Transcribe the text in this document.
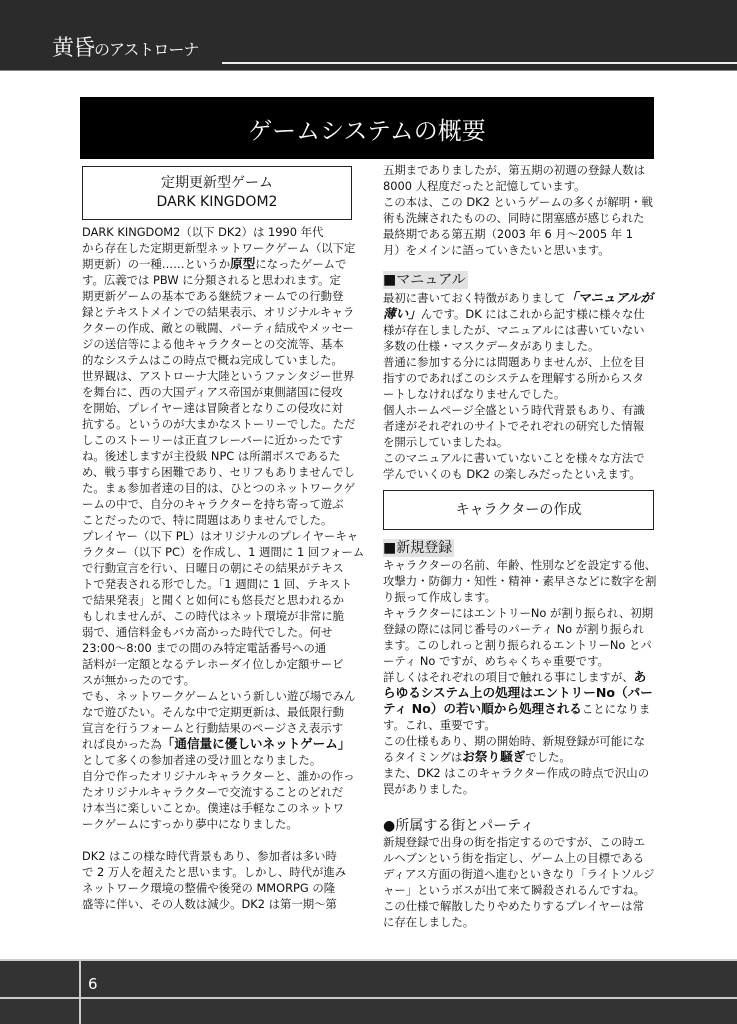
黄昏のアストローナ
ゲームシステムの概要
定期更新型ゲーム
DARK KINGDOM2
DARK KINGDOM2（以下 DK2）は 1990 年代
から存在した定期更新型ネットワークゲーム（以下定
期更新）の一種……というか原型になったゲームで
す。広義では PBW に分類されると思われます。定
期更新ゲームの基本である継続フォームでの行動登
録とテキストメインでの結果表示、オリジナルキャラ
クターの作成、敵との戦闘、パーティ結成やメッセー
ジの送信等による他キャラクターとの交流等、基本
的なシステムはこの時点で概ね完成していました。
世界観は、アストローナ大陸というファンタジー世界
を舞台に、西の大国ディアス帝国が東側諸国に侵攻
を開始、プレイヤー達は冒険者となりこの侵攻に対
抗する。というのが大まかなストーリーでした。ただ
しこのストーリーは正直フレーバーに近かったです
ね。後述しますが主役級 NPC は所謂ボスであるた
め、戦う事すら困難であり、セリフもありませんでし
た。まぁ参加者達の目的は、ひとつのネットワークゲ
ームの中で、自分のキャラクターを持ち寄って遊ぶ
ことだったので、特に問題はありませんでした。
プレイヤー（以下 PL）はオリジナルのプレイヤーキャ
ラクター（以下 PC）を作成し、1 週間に 1 回フォーム
で行動宣言を行い、日曜日の朝にその結果がテキス
トで発表される形でした。「1 週間に 1 回、テキスト
で結果発表」と聞くと如何にも悠長だと思われるか
もしれませんが、この時代はネット環境が非常に脆
弱で、通信料金もバカ高かった時代でした。何せ
23:00～8:00 までの間のみ特定電話番号への通
話料が一定額となるテレホーダイ位しか定額サービ
スが無かったのです。
でも、ネットワークゲームという新しい遊び場でみん
なで遊びたい。そんな中で定期更新は、最低限行動
宣言を行うフォームと行動結果のページさえ表示す
れば良かった為「通信量に優しいネットゲーム」
として多くの参加者達の受け皿となりました。
自分で作ったオリジナルキャラクターと、誰かの作っ
たオリジナルキャラクターで交流することのどれだ
け本当に楽しいことか。僕達は手軽なこのネットワ
ークゲームにすっかり夢中になりました。
DK2 はこの様な時代背景もあり、参加者は多い時
で 2 万人を超えたと思います。しかし、時代が進み
ネットワーク環境の整備や後発の MMORPG の隆
盛等に伴い、その人数は減少。DK2 は第一期～第
五期までありましたが、第五期の初週の登録人数は
8000 人程度だったと記憶しています。
この本は、この DK2 というゲームの多くが解明・戦
術も洗練されたものの、同時に閉塞感が感じられた
最終期である第五期（2003 年 6 月～2005 年 1
月）をメインに語っていきたいと思います。
■マニュアル
最初に書いておく特徴がありまして「マニュアルが
薄い」んです。DK にはこれから記す様に様々な仕
様が存在しましたが、マニュアルには書いていない
多数の仕様・マスクデータがありました。
普通に参加する分には問題ありませんが、上位を目
指すのであればこのシステムを理解する所からスタ
ートしなければなりませんでした。
個人ホームページ全盛という時代背景もあり、有識
者達がそれぞれのサイトでそれぞれの研究した情報
を開示していましたね。
このマニュアルに書いていないことを様々な方法で
学んでいくのも DK2 の楽しみだったといえます。
キャラクターの作成
■新規登録
キャラクターの名前、年齢、性別などを設定する他、
攻撃力・防御力・知性・精神・素早さなどに数字を割
り振って作成します。
キャラクターにはエントリーNo が割り振られ、初期
登録の際には同じ番号のパーティ No が割り振られ
ます。このしれっと割り振られるエントリーNo とパ
ーティ No ですが、めちゃくちゃ重要です。
詳しくはそれぞれの項目で触れる事にしますが、あ
らゆるシステム上の処理はエントリーNo（パー
ティ No）の若い順から処理されることになりま
す。これ、重要です。
この仕様もあり、期の開始時、新規登録が可能にな
るタイミングはお祭り騒ぎでした。
また、DK2 はこのキャラクター作成の時点で沢山の
罠がありました。
●所属する街とパーティ
新規登録で出身の街を指定するのですが、この時エ
ルヘブンという街を指定し、ゲーム上の目標である
ディアス方面の街道へ進むといきなり「ライトソルジ
ャー」というボスが出て来て瞬殺されるんですね。
この仕様で解散したりやめたりするプレイヤーは常
に存在しました。
6
